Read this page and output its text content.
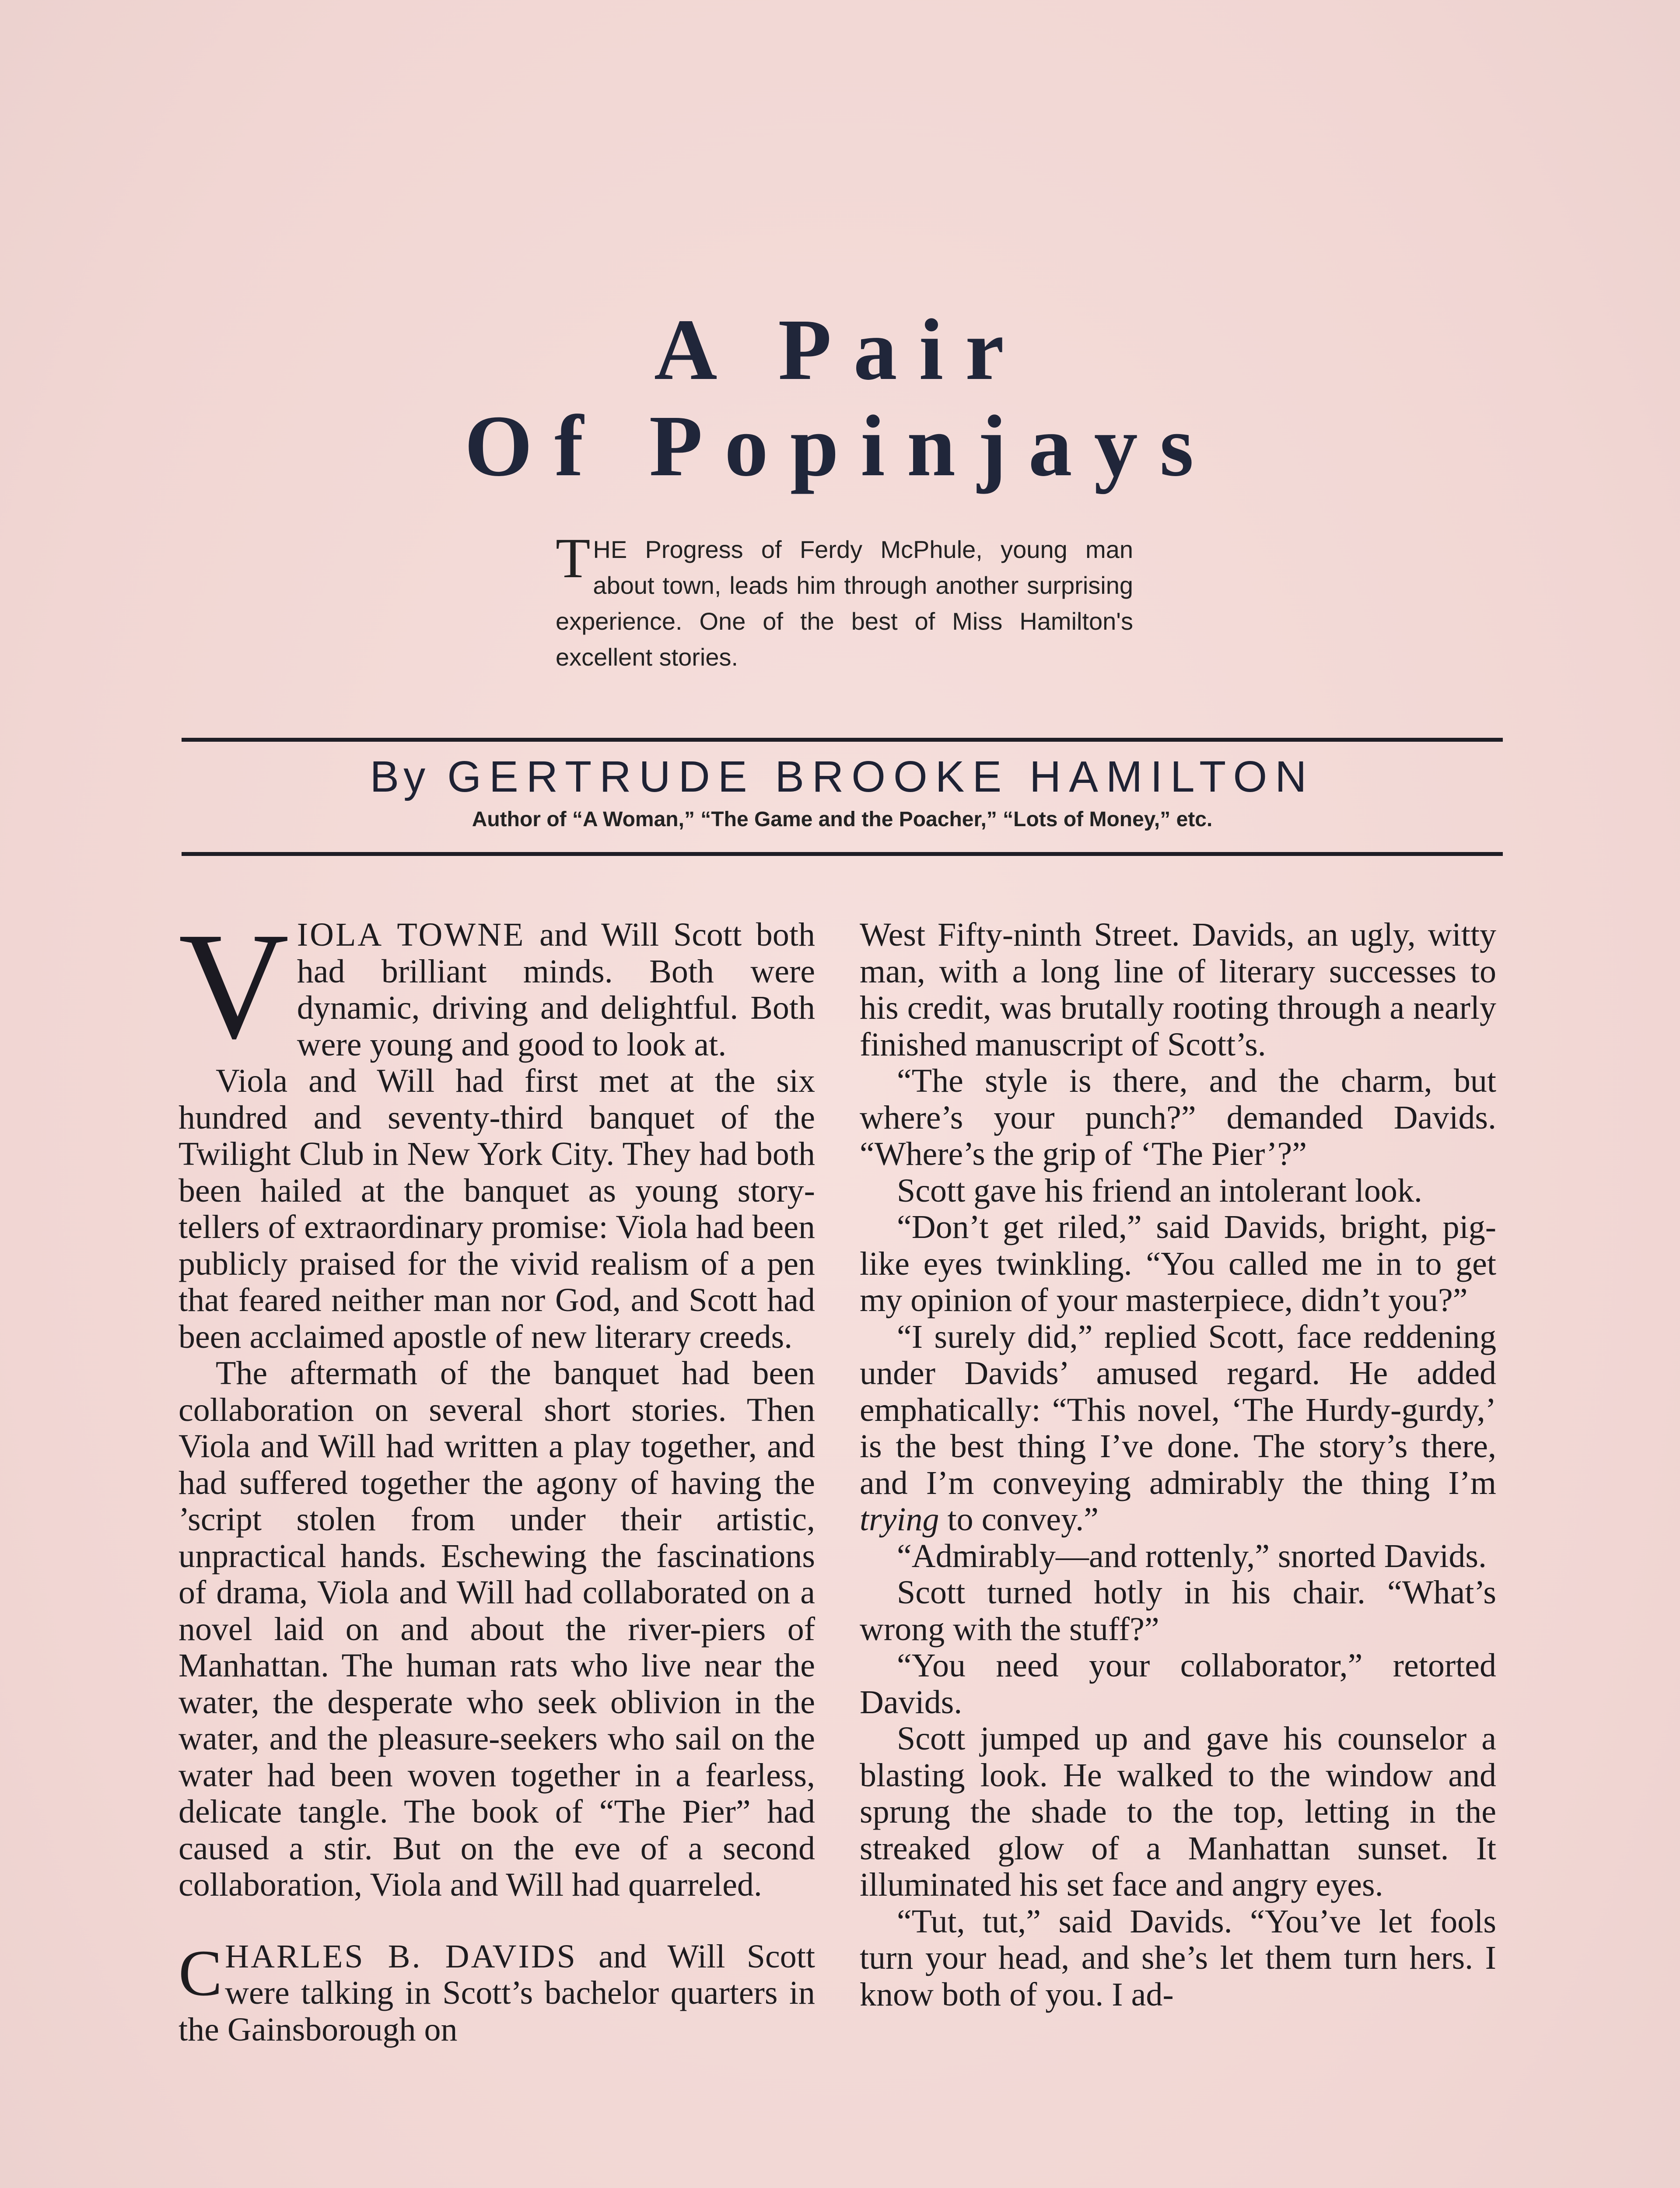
A Pair
Of Popinjays
THE Progress of Ferdy McPhule, young man about town, leads him through another surprising experience. One of the best of Miss Hamilton's excellent stories.
By GERTRUDE BROOKE HAMILTON
Author of “A Woman,” “The Game and the Poacher,” “Lots of Money,” etc.

VIOLA TOWNE and Will Scott both had brilliant minds. Both were dynamic, driving and delightful. Both were young and good to look at.

Viola and Will had first met at the six hundred and seventy-third banquet of the Twilight Club in New York City. They had both been hailed at the banquet as young story-tellers of extraordinary promise: Viola had been publicly praised for the vivid realism of a pen that feared neither man nor God, and Scott had been acclaimed apostle of new literary creeds.

The aftermath of the banquet had been collaboration on several short stories. Then Viola and Will had written a play together, and had suffered together the agony of having the ’script stolen from under their artistic, unpractical hands. Eschewing the fascinations of drama, Viola and Will had collaborated on a novel laid on and about the river-piers of Manhattan. The human rats who live near the water, the desperate who seek oblivion in the water, and the pleasure-seekers who sail on the water had been woven together in a fearless, delicate tangle. The book of “The Pier” had caused a stir. But on the eve of a second collaboration, Viola and Will had quarreled.

CHARLES B. DAVIDS and Will Scott were talking in Scott’s bachelor quarters in the Gainsborough on

West Fifty-ninth Street. Davids, an ugly, witty man, with a long line of literary successes to his credit, was brutally rooting through a nearly finished manuscript of Scott’s.

“The style is there, and the charm, but where’s your punch?” demanded Davids. “Where’s the grip of ‘The Pier’?”

Scott gave his friend an intolerant look.

“Don’t get riled,” said Davids, bright, pig-like eyes twinkling. “You called me in to get my opinion of your masterpiece, didn’t you?”

“I surely did,” replied Scott, face reddening under Davids’ amused regard. He added emphatically: “This novel, ‘The Hurdy-gurdy,’ is the best thing I’ve done. The story’s there, and I’m conveying admirably the thing I’m trying to convey.”

“Admirably—and rottenly,” snorted Davids.

Scott turned hotly in his chair. “What’s wrong with the stuff?”

“You need your collaborator,” retorted Davids.

Scott jumped up and gave his counselor a blasting look. He walked to the window and sprung the shade to the top, letting in the streaked glow of a Manhattan sunset. It illuminated his set face and angry eyes.

“Tut, tut,” said Davids. “You’ve let fools turn your head, and she’s let them turn hers. I know both of you. I ad-
